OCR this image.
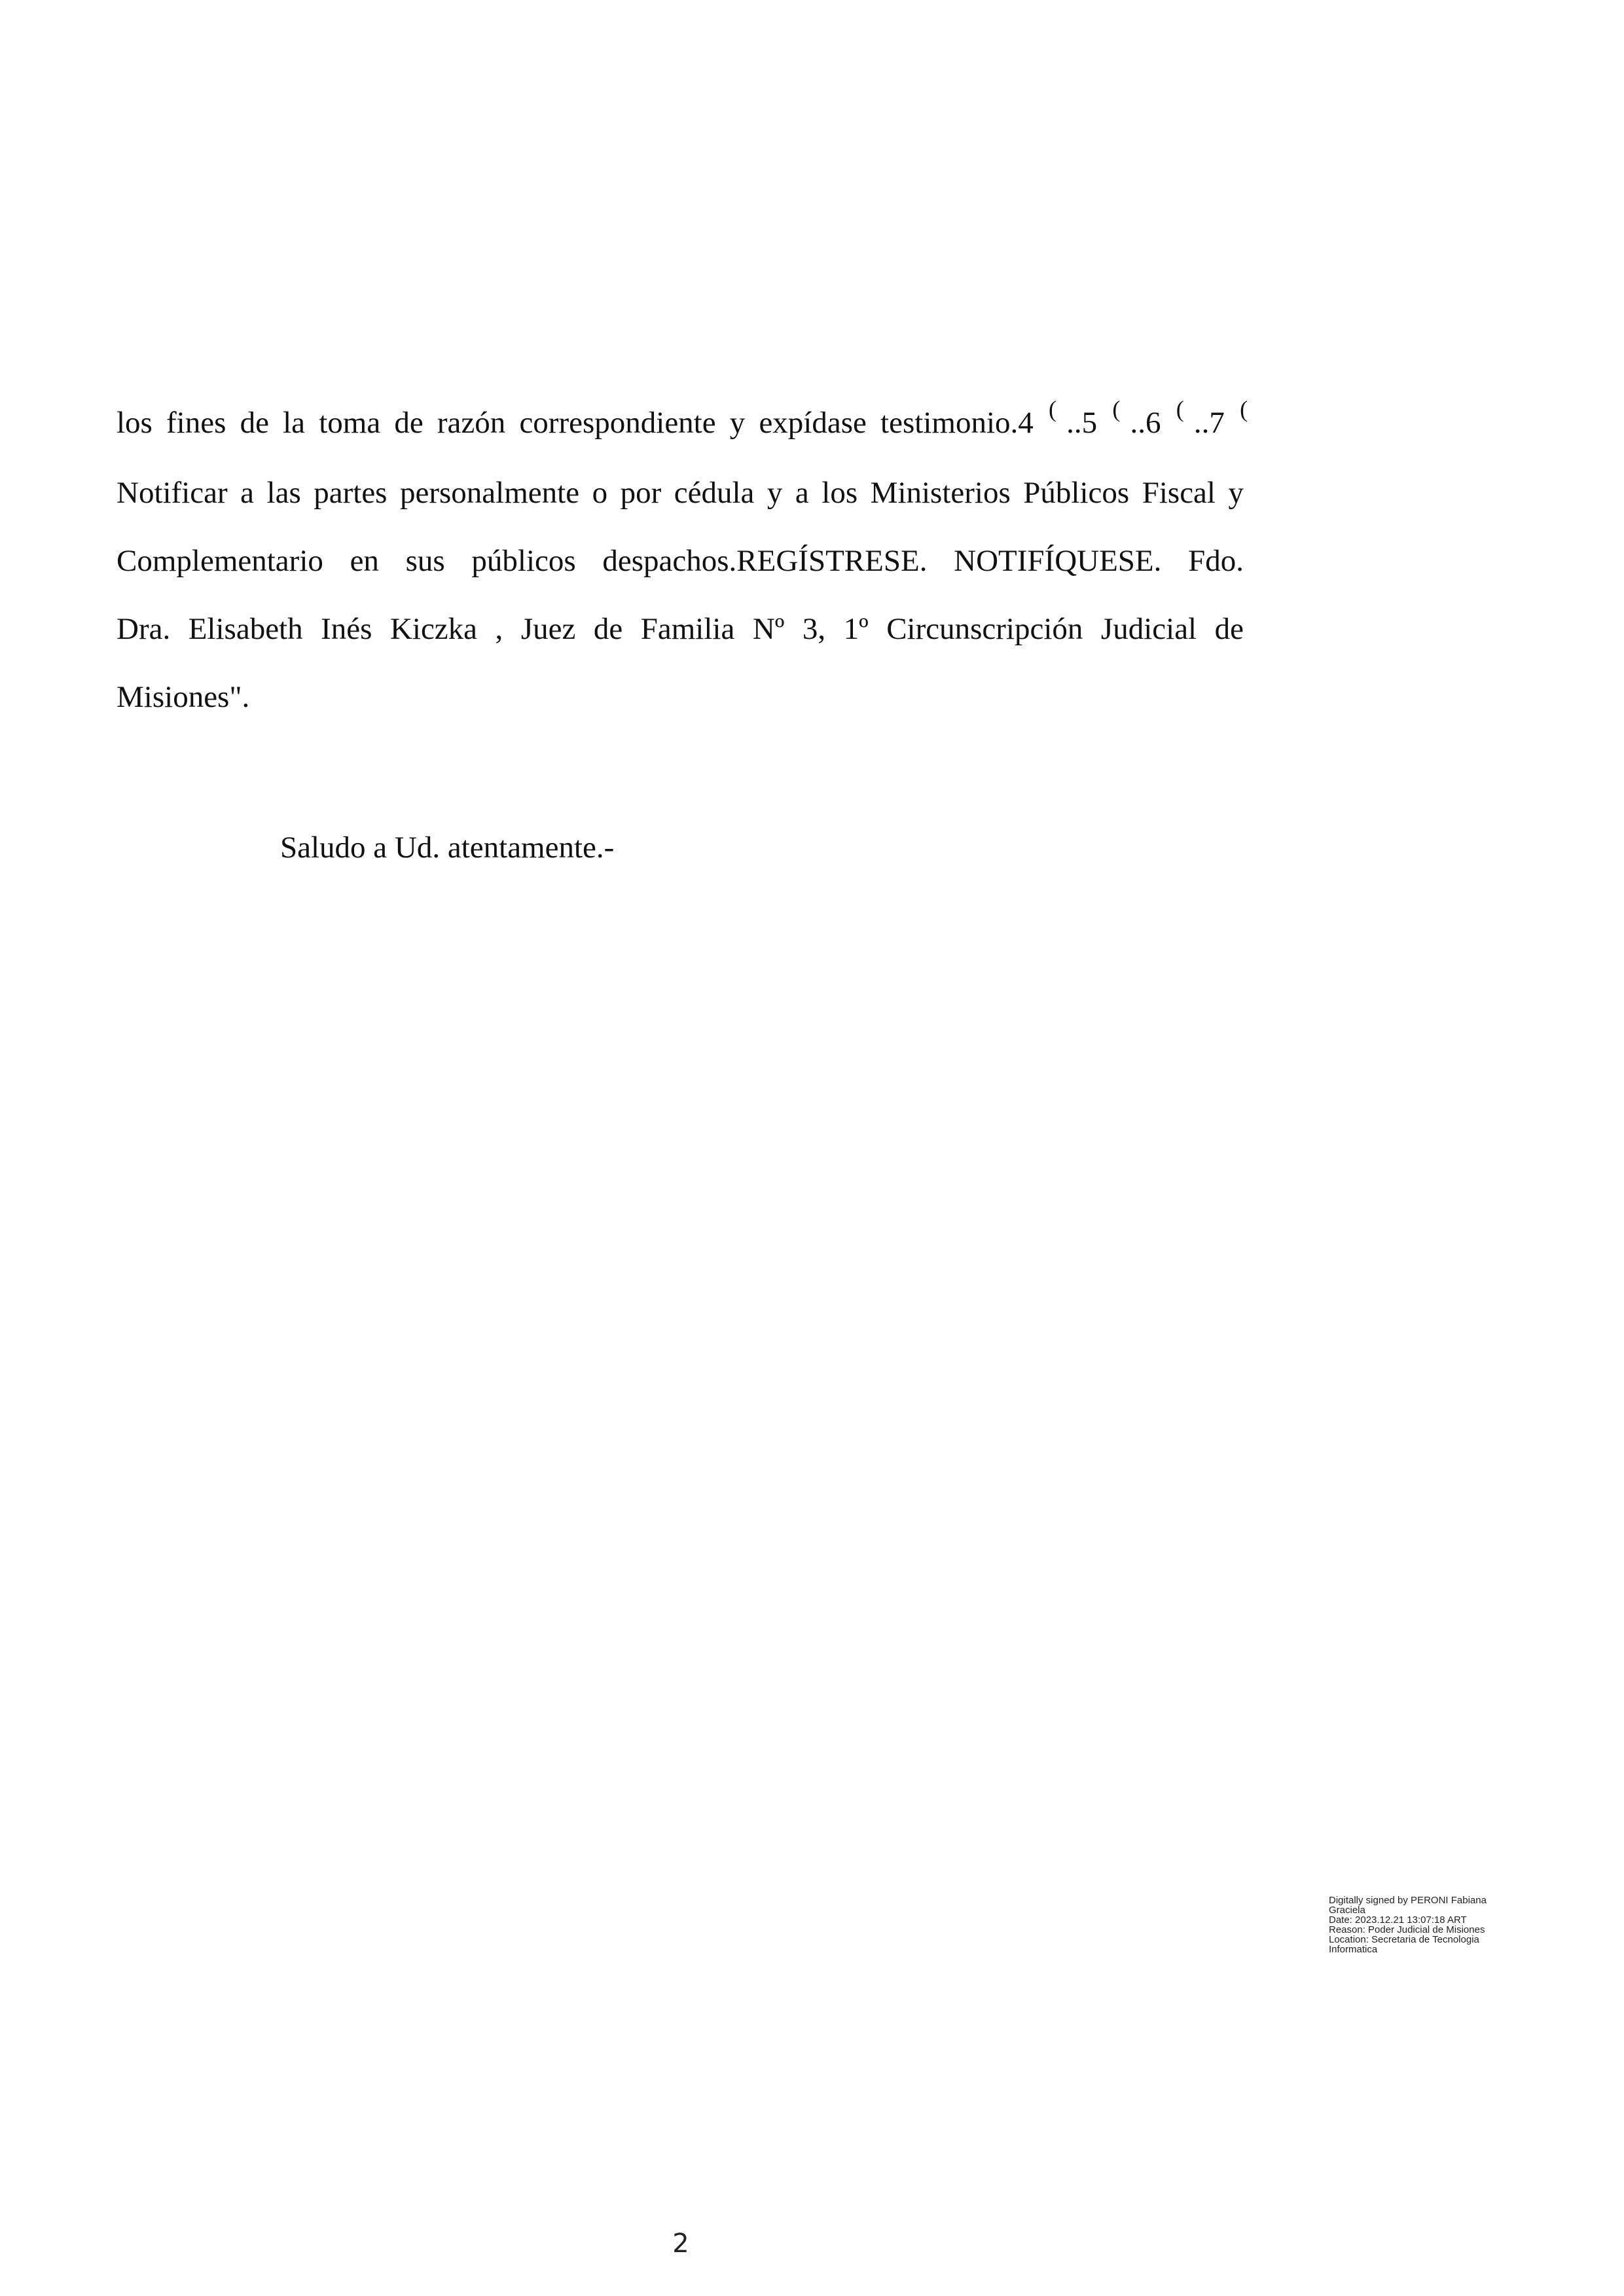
los fines de la toma de razón correspondiente y expídase testimonio.4 ( ..5 ( ..6 ( ..7 (
Notificar a las partes personalmente o por cédula y a los Ministerios Públicos Fiscal y
Complementario en sus públicos despachos.REGÍSTRESE. NOTIFÍQUESE. Fdo.
Dra. Elisabeth Inés Kiczka , Juez de Familia Nº 3, 1º Circunscripción Judicial de
Misiones".

Saludo a Ud. atentamente.-

Digitally signed by PERONI Fabiana Graciela
Date: 2023.12.21 13:07:18 ART
Reason: Poder Judicial de Misiones
Location: Secretaria de Tecnologia Informatica
2
